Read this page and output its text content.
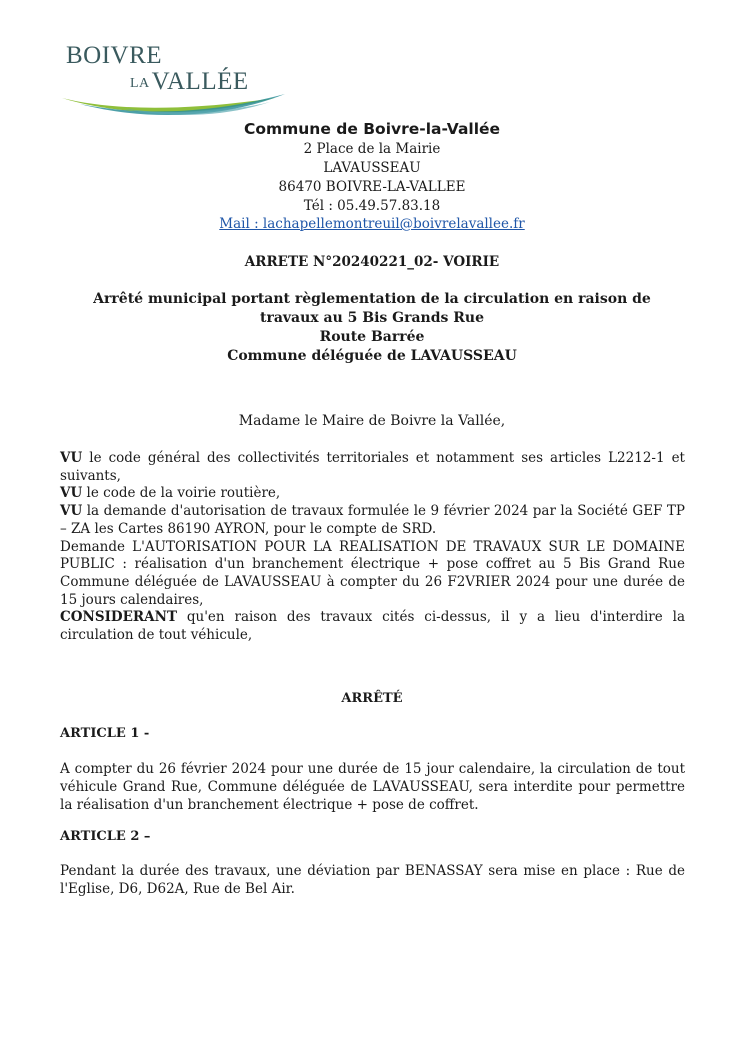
BOIVRE
LAVALLÉE
Commune de Boivre-la-Vallée
2 Place de la Mairie
LAVAUSSEAU
86470 BOIVRE-LA-VALLEE
Tél : 05.49.57.83.18
Mail : lachapellemontreuil@boivrelavallee.fr
ARRETE N°20240221_02- VOIRIE
Arrêté municipal portant règlementation de la circulation en raison de
travaux au 5 Bis Grands Rue
Route Barrée
Commune déléguée de LAVAUSSEAU
Madame le Maire de Boivre la Vallée,

VU le code général des collectivités territoriales et notamment ses articles L2212-1 et suivants,

VU le code de la voirie routière,

VU la demande d'autorisation de travaux formulée le 9 février 2024 par la Société GEF TP – ZA les Cartes 86190 AYRON, pour le compte de SRD.

Demande L'AUTORISATION POUR LA REALISATION DE TRAVAUX SUR LE DOMAINE PUBLIC : réalisation d'un branchement électrique + pose coffret au 5 Bis Grand Rue Commune déléguée de LAVAUSSEAU à compter du 26 F2VRIER 2024 pour une durée de 15 jours calendaires,

CONSIDERANT qu'en raison des travaux cités ci-dessus, il y a lieu d'interdire la circulation de tout véhicule,

ARRÊTÉ
ARTICLE 1 -
A compter du 26 février 2024 pour une durée de 15 jour calendaire, la circulation de tout véhicule Grand Rue, Commune déléguée de LAVAUSSEAU, sera interdite pour permettre la réalisation d'un branchement électrique + pose de coffret.
ARTICLE 2 –
Pendant la durée des travaux, une déviation par BENASSAY sera mise en place : Rue de l'Eglise, D6, D62A, Rue de Bel Air.
